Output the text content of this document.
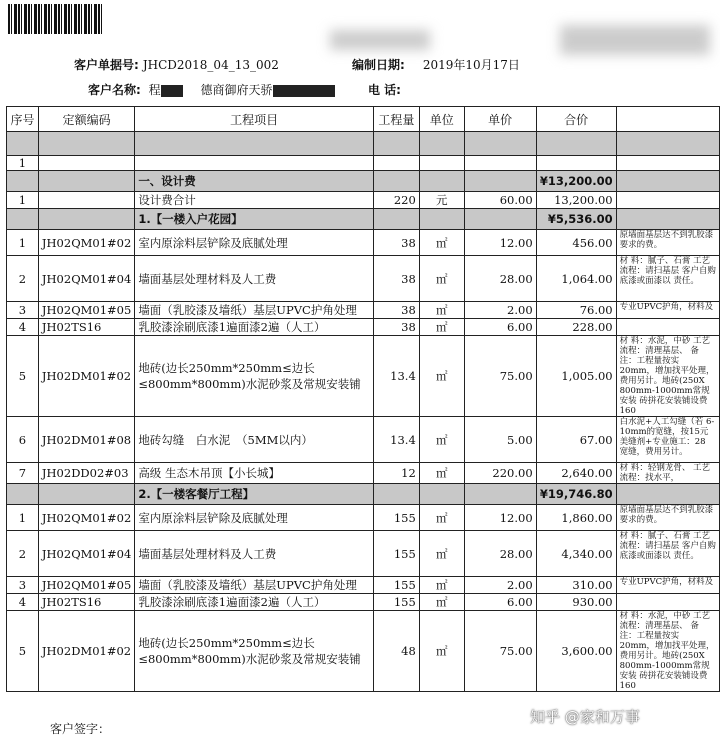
客户单据号: JHCD2018_04_13_002	编制日期: 2019年10月17日
客户名称: 程	德商御府天骄	电 话:
序号	定额编码	工程项目	工程量	单位	单价	合价	

1							
		一、设计费				¥13,200.00	
1		设计费合计	220	元	60.00	13,200.00	
		1.【一楼入户花园】				¥5,536.00	
1	JH02QM01#02	室内原涂料层铲除及底腻处理	38	㎡	12.00	456.00	原墙面基层达不到乳胶漆要求的费。
2	JH02QM01#04	墙面基层处理材料及人工费	38	㎡	28.00	1,064.00	材 料：腻子、石膏 工艺流程：请扫基层 客户自购底漆或面漆以 责任。
3	JH02QM01#05	墙面（乳胶漆及墙纸）基层UPVC护角处理	38	㎡	2.00	76.00	专业UPVC护角，材料及
4	JH02TS16	乳胶漆涂刷底漆1遍面漆2遍（人工）	38	㎡	6.00	228.00	
5	JH02DM01#02	地砖(边长250mm*250mm≤边长≤800mm*800mm)水泥砂浆及常规安装铺	13.4	㎡	75.00	1,005.00	材 料：水泥，中砂 工艺流程：清理基层、 备 注：工程量按实 20mm，增加找平处理， 费用另计。地砖(250X 800mm-1000mm常规安装 砖拼花安装铺设费160
6	JH02DM01#08	地砖勾缝　白水泥　（5MM以内）	13.4	㎡	5.00	67.00	白水泥+人工勾缝（若 6-10mm的宽缝，按15元 美缝剂+专业施工：28 宽缝，费用另计。
7	JH02DD02#03	高级 生态木吊顶【小长城】	12	㎡	220.00	2,640.00	材 料：轻钢龙骨、 工艺流程：找水平，
		2.【一楼客餐厅工程】				¥19,746.80	
1	JH02QM01#02	室内原涂料层铲除及底腻处理	155	㎡	12.00	1,860.00	原墙面基层达不到乳胶漆要求的费。
2	JH02QM01#04	墙面基层处理材料及人工费	155	㎡	28.00	4,340.00	材 料：腻子、石膏 工艺流程：请扫基层 客户自购底漆或面漆以 责任。
3	JH02QM01#05	墙面（乳胶漆及墙纸）基层UPVC护角处理	155	㎡	2.00	310.00	专业UPVC护角，材料及
4	JH02TS16	乳胶漆涂刷底漆1遍面漆2遍（人工）	155	㎡	6.00	930.00	
5	JH02DM01#02	地砖(边长250mm*250mm≤边长≤800mm*800mm)水泥砂浆及常规安装铺	48	㎡	75.00	3,600.00	材 料：水泥，中砂 工艺流程：清理基层、 备 注：工程量按实 20mm，增加找平处理， 费用另计。地砖(250X 800mm-1000mm常规安装 砖拼花安装铺设费160
客户签字：
知乎 @家和万事
